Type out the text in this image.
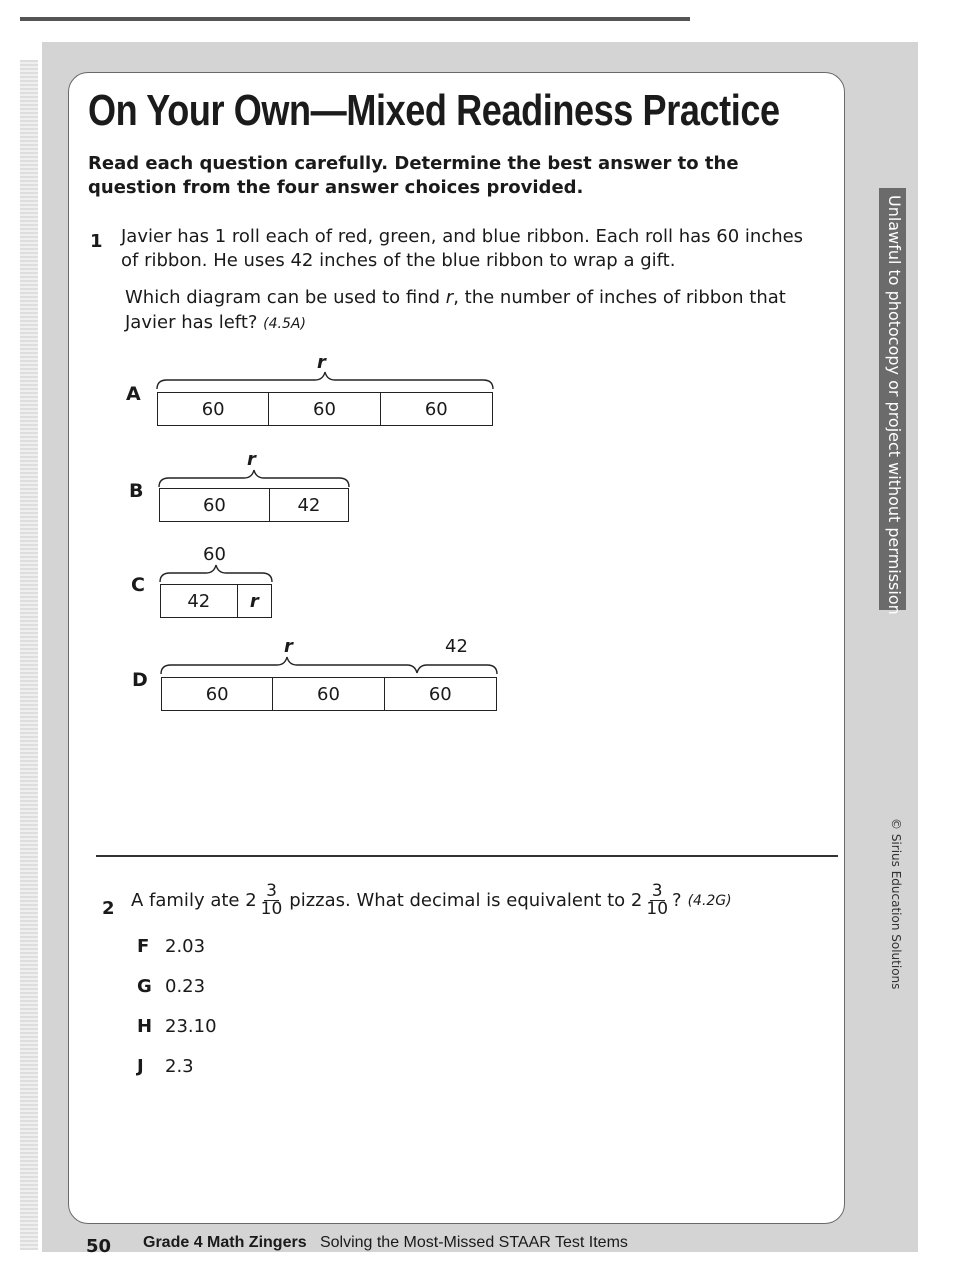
On Your Own—Mixed Readiness Practice
Read each question carefully. Determine the best answer to the question from the four answer choices provided.
1 Javier has 1 roll each of red, green, and blue ribbon. Each roll has 60 inches
of ribbon. He uses 42 inches of the blue ribbon to wrap a gift.
Which diagram can be used to find r, the number of inches of ribbon that
Javier has left? (4.5A)
A
r
60	60	60
B
r
60	42
C
60
42	r
D
r	42
60	60	60
2 A family ate $2 \frac{3}{10}$ pizzas. What decimal is equivalent to $2 \frac{3}{10}$ ? (4.2G)
F 2.03
G 0.23
H 23.10
J 2.3
Unlawful to photocopy or project without permission
© Sirius Education Solutions
50 Grade 4 Math Zingers Solving the Most-Missed STAAR Test Items
